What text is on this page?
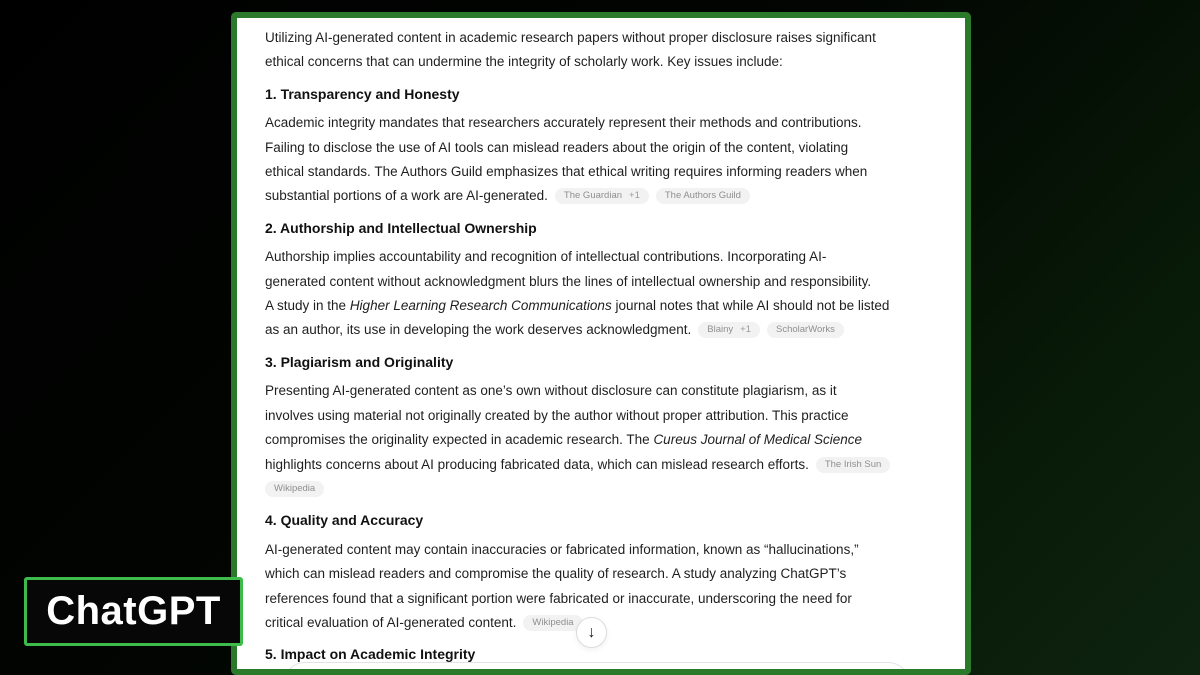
Utilizing AI-generated content in academic research papers without proper disclosure raises significant
ethical concerns that can undermine the integrity of scholarly work. Key issues include:
1. Transparency and Honesty
Academic integrity mandates that researchers accurately represent their methods and contributions.
Failing to disclose the use of AI tools can mislead readers about the origin of the content, violating
ethical standards. The Authors Guild emphasizes that ethical writing requires informing readers when
substantial portions of a work are AI-generated. The Guardian +1	The Authors Guild
2. Authorship and Intellectual Ownership
Authorship implies accountability and recognition of intellectual contributions. Incorporating AI-
generated content without acknowledgment blurs the lines of intellectual ownership and responsibility.
A study in the Higher Learning Research Communications journal notes that while AI should not be listed
as an author, its use in developing the work deserves acknowledgment. Blainy +1	ScholarWorks
3. Plagiarism and Originality
Presenting AI-generated content as one’s own without disclosure can constitute plagiarism, as it
involves using material not originally created by the author without proper attribution. This practice
compromises the originality expected in academic research. The Cureus Journal of Medical Science
highlights concerns about AI producing fabricated data, which can mislead research efforts. The Irish Sun
Wikipedia
4. Quality and Accuracy
AI-generated content may contain inaccuracies or fabricated information, known as “hallucinations,”
which can mislead readers and compromise the quality of research. A study analyzing ChatGPT’s
references found that a significant portion were fabricated or inaccurate, underscoring the need for
critical evaluation of AI-generated content. Wikipedia
5. Impact on Academic Integrity
↓
ChatGPT
